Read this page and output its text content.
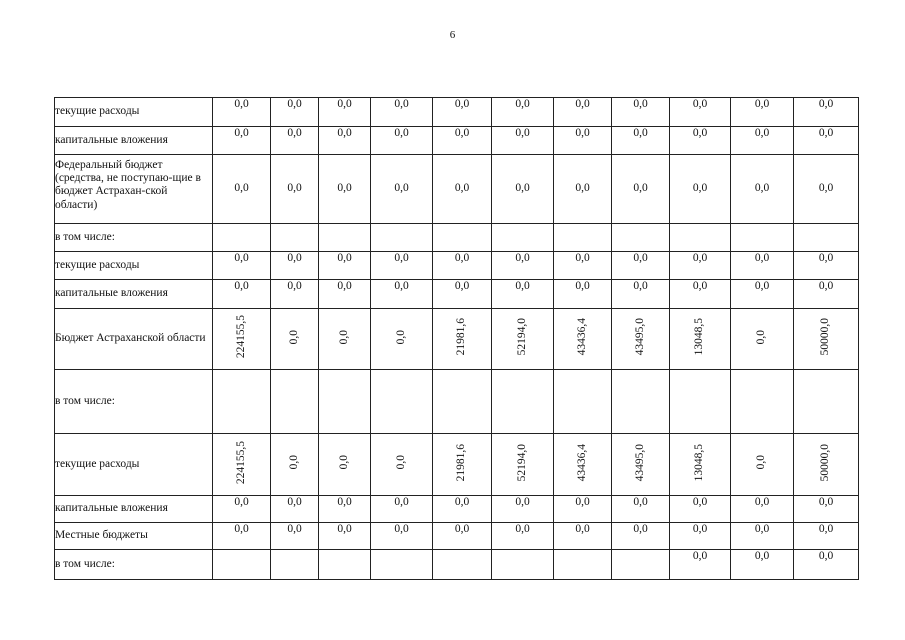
6
текущие расходы	0,0	0,0	0,0	0,0	0,0	0,0	0,0	0,0	0,0	0,0	0,0
капитальные вложения	0,0	0,0	0,0	0,0	0,0	0,0	0,0	0,0	0,0	0,0	0,0
Федеральный бюджет (средства, не поступаю-щие в бюджет Астрахан-ской области)	0,0	0,0	0,0	0,0	0,0	0,0	0,0	0,0	0,0	0,0	0,0
в том числе:											
текущие расходы	0,0	0,0	0,0	0,0	0,0	0,0	0,0	0,0	0,0	0,0	0,0
капитальные вложения	0,0	0,0	0,0	0,0	0,0	0,0	0,0	0,0	0,0	0,0	0,0
Бюджет Астраханской области	224155,5	0,0	0,0	0,0	21981,6	52194,0	43436,4	43495,0	13048,5	0,0	50000,0
в том числе:											
текущие расходы	224155,5	0,0	0,0	0,0	21981,6	52194,0	43436,4	43495,0	13048,5	0,0	50000,0
капитальные вложения	0,0	0,0	0,0	0,0	0,0	0,0	0,0	0,0	0,0	0,0	0,0
Местные бюджеты	0,0	0,0	0,0	0,0	0,0	0,0	0,0	0,0	0,0	0,0	0,0
в том числе:									0,0	0,0	0,0
